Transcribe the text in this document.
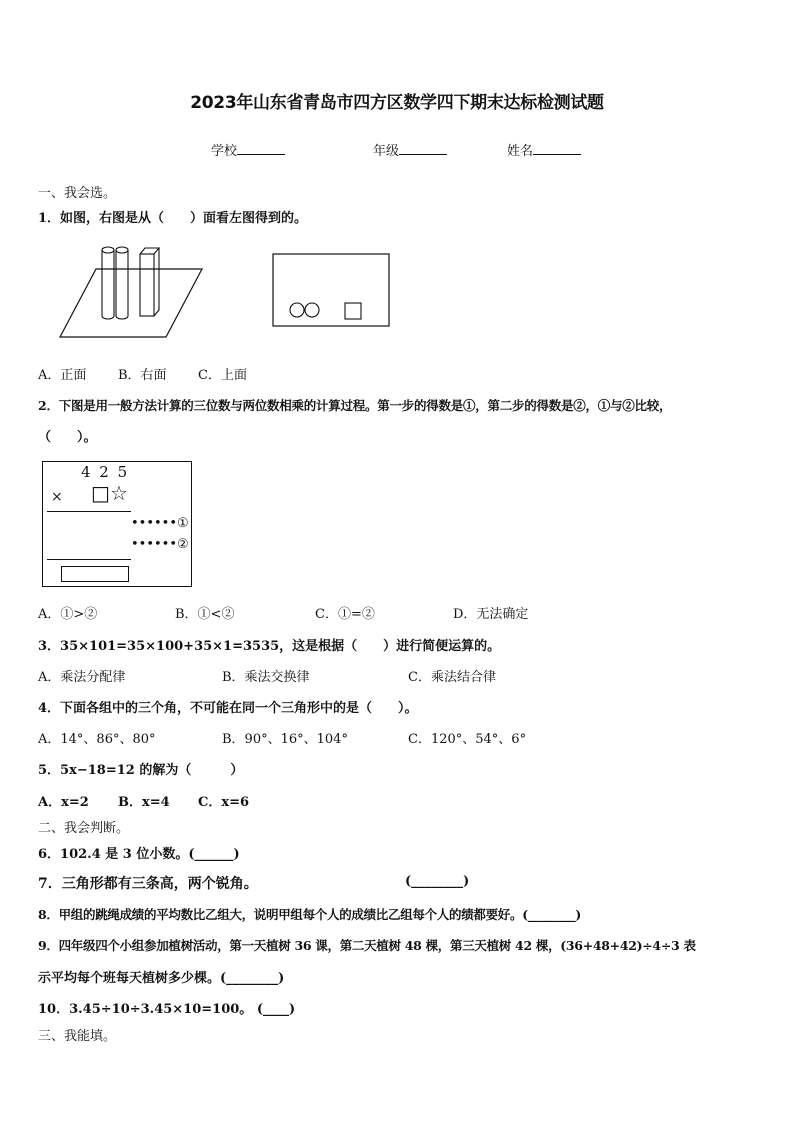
2023年山东省青岛市四方区数学四下期末达标检测试题
学校	年级	姓名
一、我会选。
1．如图，右图是从（　　）面看左图得到的。
A．正面 B．右面 C．上面
2．下图是用一般方法计算的三位数与两位数相乘的计算过程。第一步的得数是①，第二步的得数是②，①与②比较，
（　　）。
4 2 5
× □ ☆
••••••①
••••••②
A．①>②	B．①<②	C．①=②	D．无法确定
3．35×101=35×100+35×1=3535，这是根据（　　）进行简便运算的。
A．乘法分配律	B．乘法交换律	C．乘法结合律
4．下面各组中的三个角，不可能在同一个三角形中的是（　　）。
A．14°、86°、80°	B．90°、16°、104°	C．120°、54°、6°
5．5x−18=12 的解为（　　　）
A．x=2 B．x=4 C．x=6
二、我会判断。
6．102.4 是 3 位小数。(______)
7．三角形都有三条高，两个锐角。	(________)
8．甲组的跳绳成绩的平均数比乙组大，说明甲组每个人的成绩比乙组每个人的绩都要好。(________)
9．四年级四个小组参加植树活动，第一天植树 36 课，第二天植树 48 棵，第三天植树 42 棵，(36+48+42)÷4÷3 表
示平均每个班每天植树多少棵。(________)
10．3.45÷10÷3.45×10=100。 (____)
三、我能填。
